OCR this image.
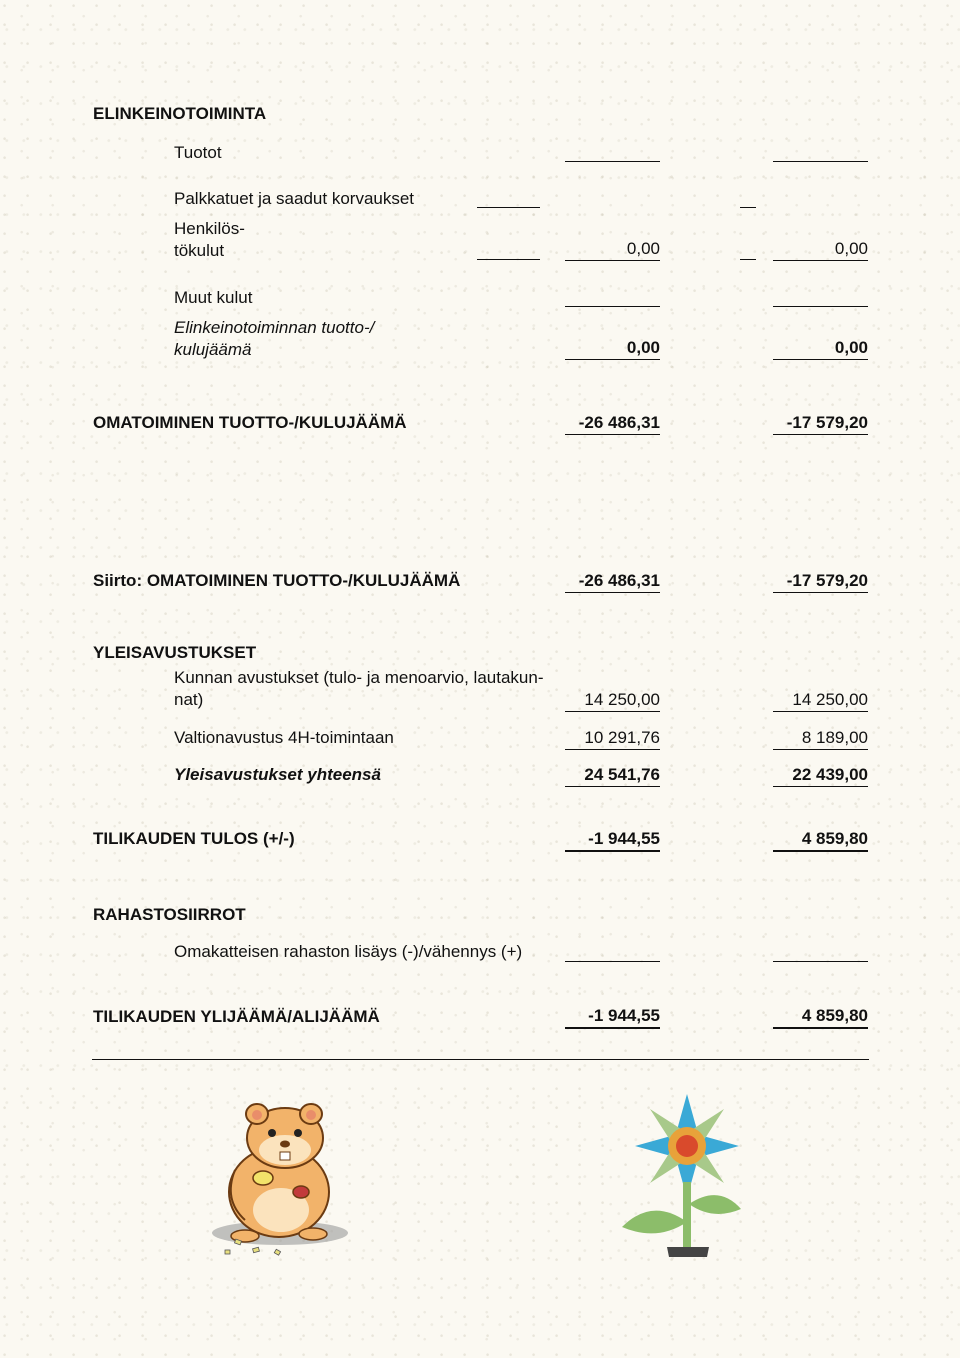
ELINKEINOTOIMINTA
Tuotot
Palkkatuet ja saadut korvaukset
Henkilös-
tökulut	0,00	0,00
Muut kulut
Elinkeinotoiminnan tuotto-/
kulujäämä	0,00	0,00
OMATOIMINEN TUOTTO-/KULUJÄÄMÄ	-26 486,31	-17 579,20
Siirto: OMATOIMINEN TUOTTO-/KULUJÄÄMÄ	-26 486,31	-17 579,20
YLEISAVUSTUKSET
Kunnan avustukset (tulo- ja menoarvio, lautakun-
nat)	14 250,00	14 250,00
Valtionavustus 4H-toimintaan	10 291,76	8 189,00
Yleisavustukset yhteensä	24 541,76	22 439,00
TILIKAUDEN TULOS (+/-)	-1 944,55	4 859,80
RAHASTOSIIRROT
Omakatteisen rahaston lisäys (-)/vähennys (+)
TILIKAUDEN YLIJÄÄMÄ/ALIJÄÄMÄ	-1 944,55	4 859,80
